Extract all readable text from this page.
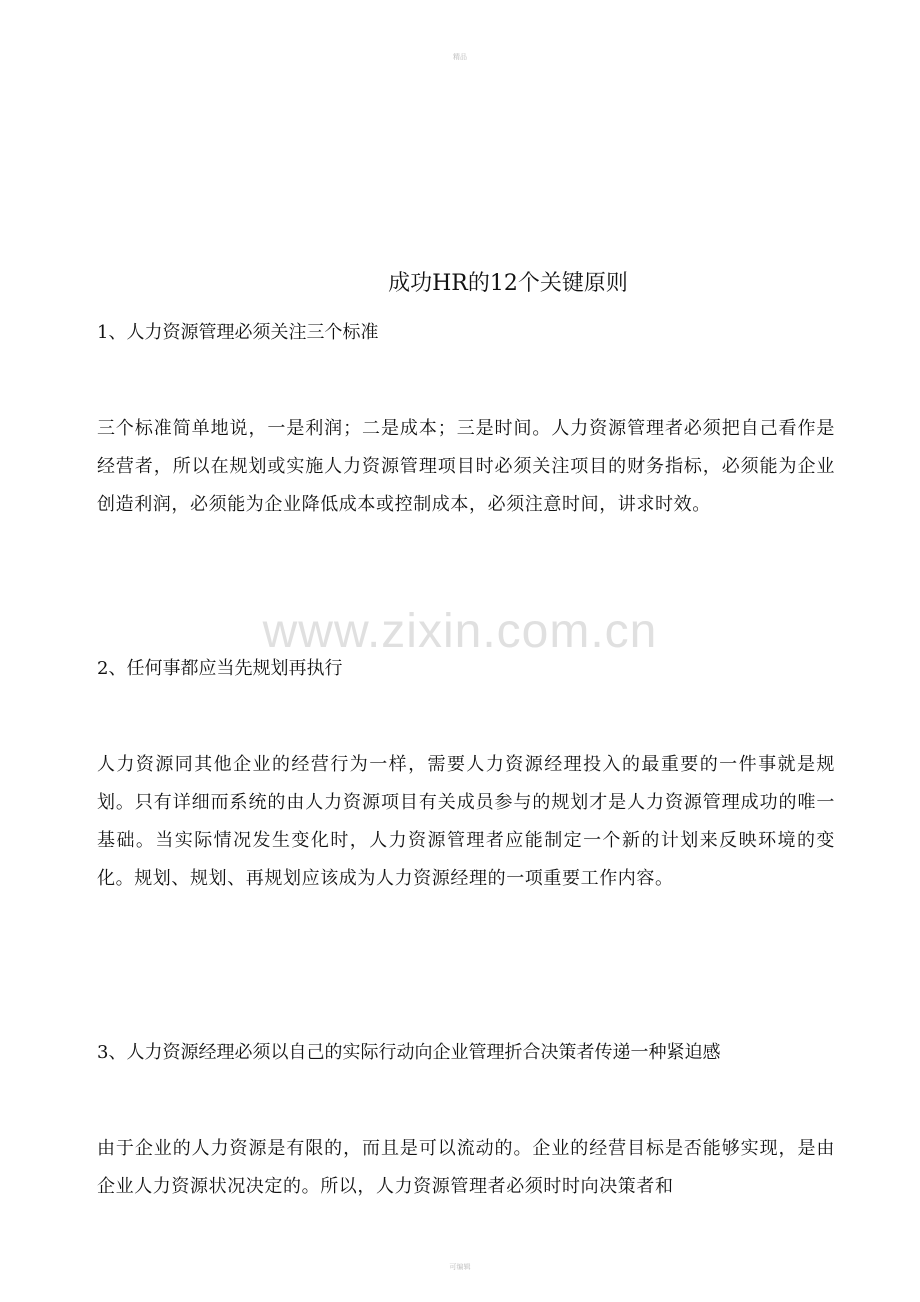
精品
www.zixin.com.cn
成功HR的12个关键原则

1、人力资源管理必须关注三个标准

三个标准简单地说，一是利润；二是成本；三是时间。人力资源管理者必须把自己看作是经营者，所以在规划或实施人力资源管理项目时必须关注项目的财务指标，必须能为企业创造利润，必须能为企业降低成本或控制成本，必须注意时间，讲求时效。

2、任何事都应当先规划再执行

人力资源同其他企业的经营行为一样，需要人力资源经理投入的最重要的一件事就是规划。只有详细而系统的由人力资源项目有关成员参与的规划才是人力资源管理成功的唯一基础。当实际情况发生变化时，人力资源管理者应能制定一个新的计划来反映环境的变化。规划、规划、再规划应该成为人力资源经理的一项重要工作内容。

3、人力资源经理必须以自己的实际行动向企业管理折合决策者传递一种紧迫感

由于企业的人力资源是有限的，而且是可以流动的。企业的经营目标是否能够实现，是由企业人力资源状况决定的。所以，人力资源管理者必须时时向决策者和

可编辑
